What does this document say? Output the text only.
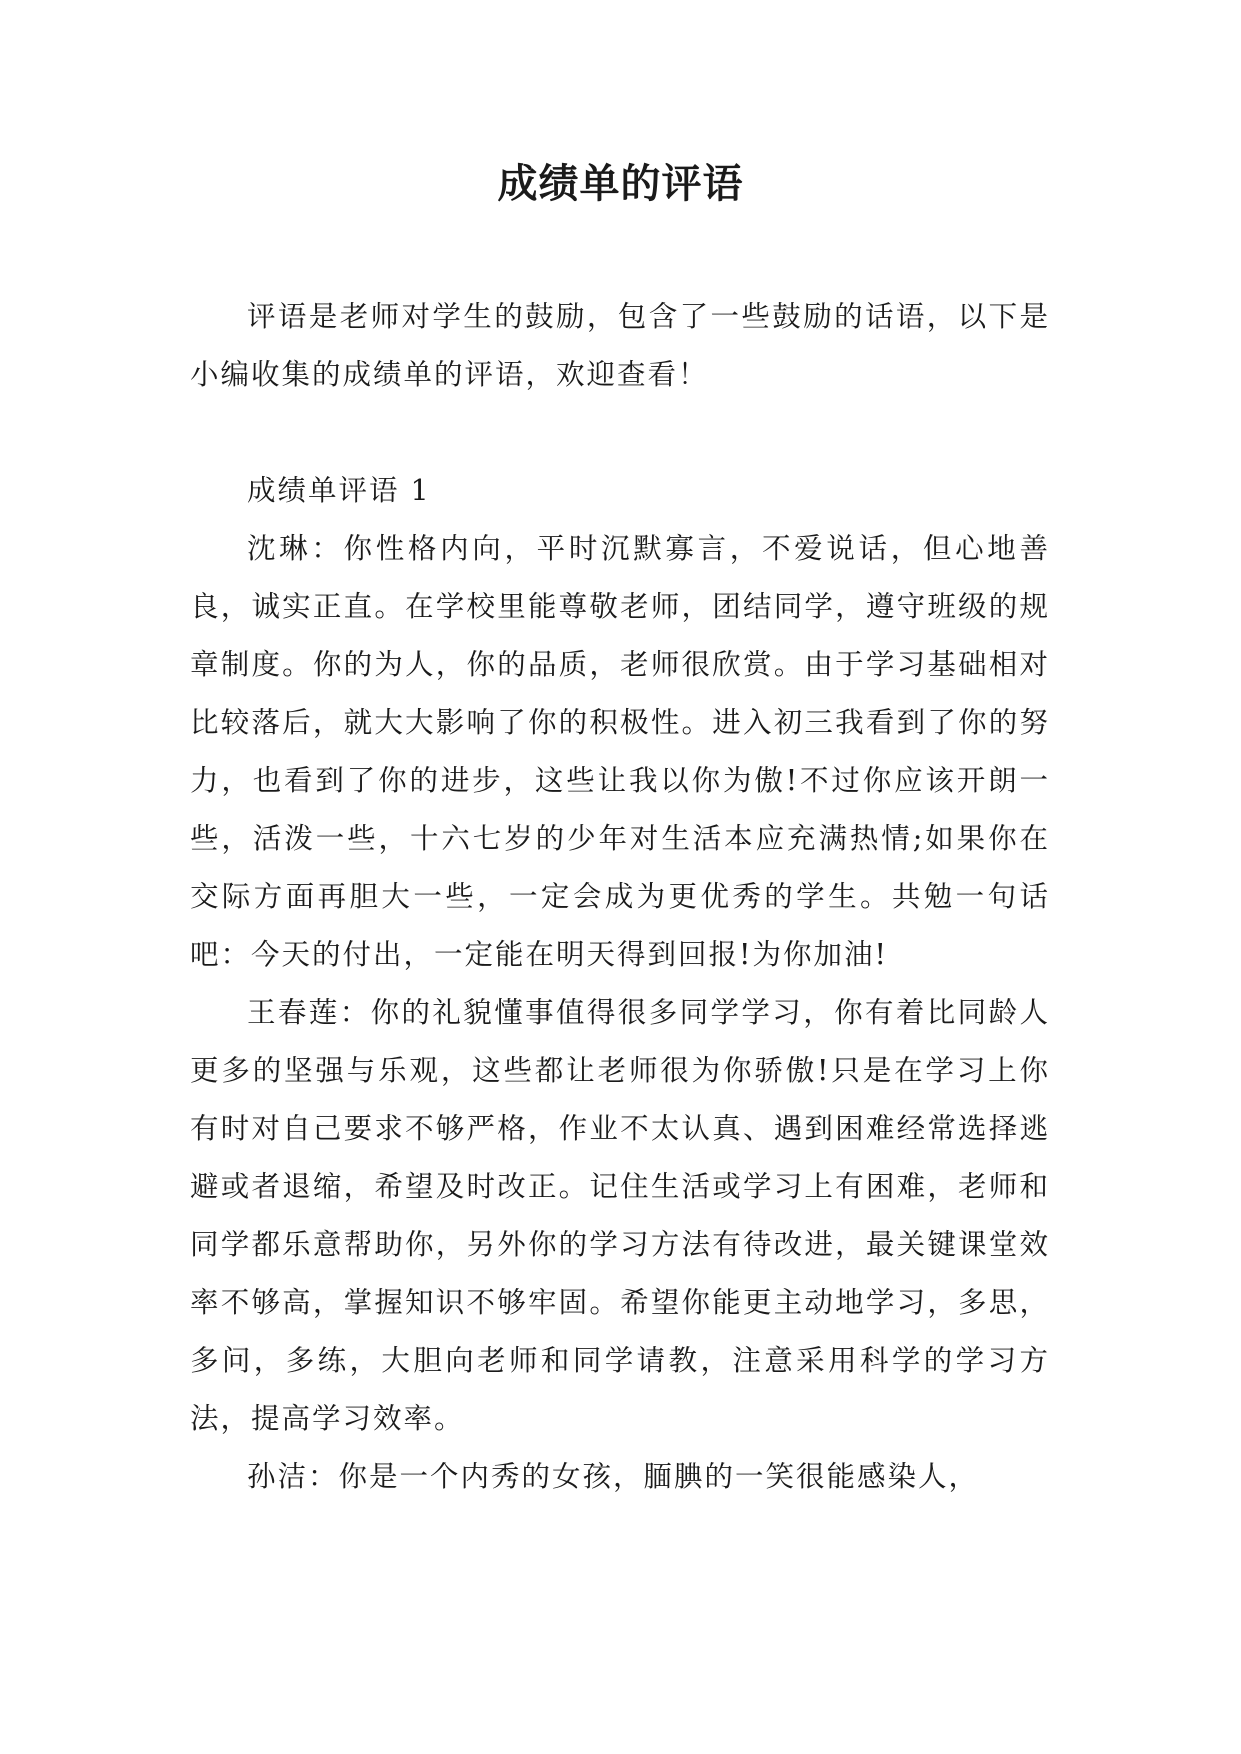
成绩单的评语

评语是老师对学生的鼓励，包含了一些鼓励的话语，以下是小编收集的成绩单的评语，欢迎查看！

成绩单评语 1

沈琳：你性格内向，平时沉默寡言，不爱说话，但心地善良，诚实正直。在学校里能尊敬老师，团结同学，遵守班级的规章制度。你的为人，你的品质，老师很欣赏。由于学习基础相对比较落后，就大大影响了你的积极性。进入初三我看到了你的努力，也看到了你的进步，这些让我以你为傲!不过你应该开朗一些，活泼一些，十六七岁的少年对生活本应充满热情;如果你在交际方面再胆大一些，一定会成为更优秀的学生。共勉一句话吧：今天的付出，一定能在明天得到回报!为你加油!

王春莲：你的礼貌懂事值得很多同学学习，你有着比同龄人更多的坚强与乐观，这些都让老师很为你骄傲!只是在学习上你有时对自己要求不够严格，作业不太认真、遇到困难经常选择逃避或者退缩，希望及时改正。记住生活或学习上有困难，老师和同学都乐意帮助你，另外你的学习方法有待改进，最关键课堂效率不够高，掌握知识不够牢固。希望你能更主动地学习，多思，多问，多练，大胆向老师和同学请教，注意采用科学的学习方法，提高学习效率。

孙洁：你是一个内秀的女孩，腼腆的一笑很能感染人，
